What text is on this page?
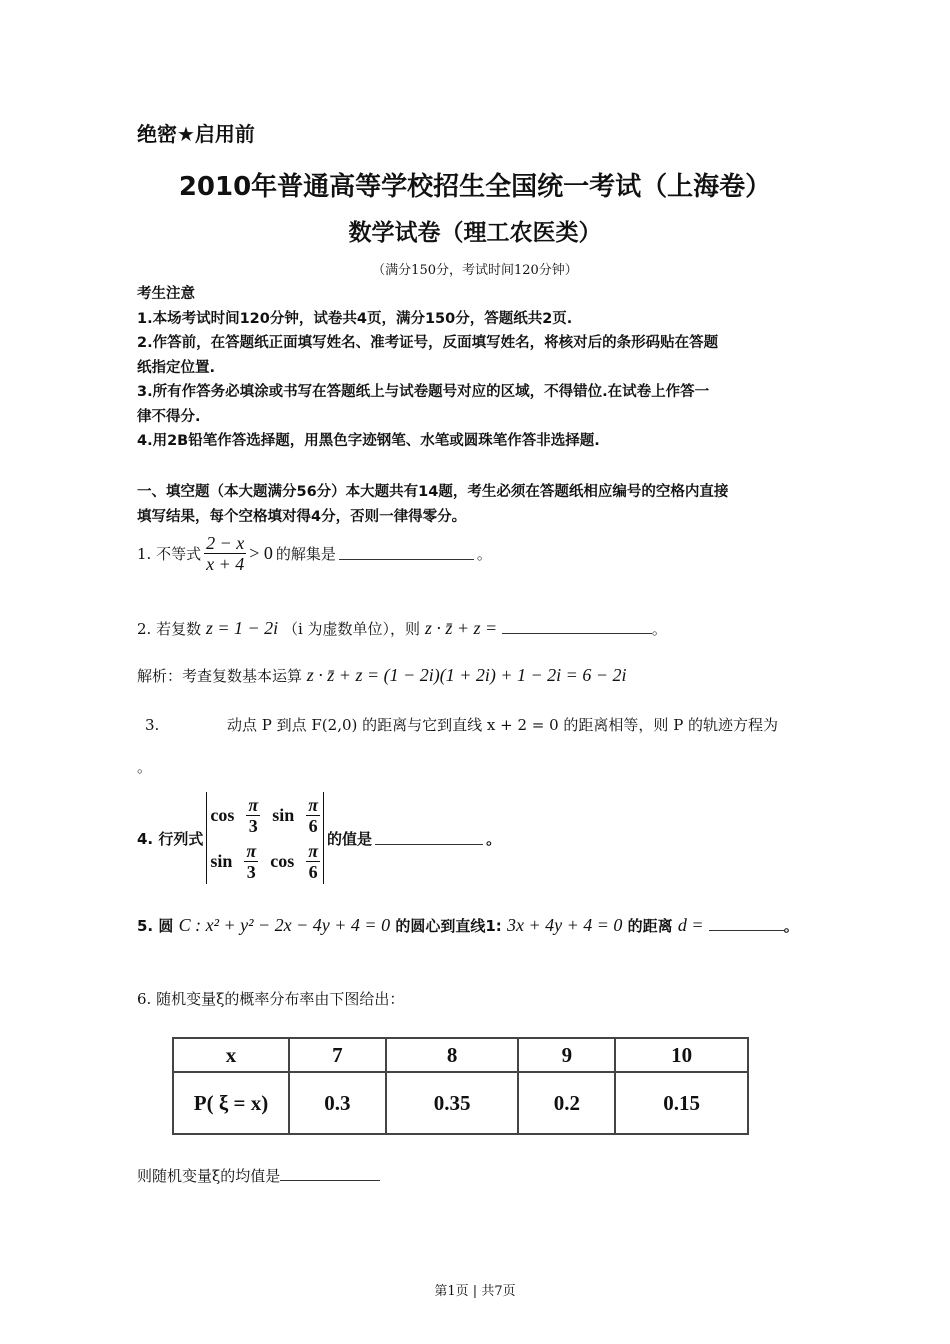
绝密★启用前
2010年普通高等学校招生全国统一考试（上海卷）
数学试卷（理工农医类）
（满分150分，考试时间120分钟）
考生注意
1.本场考试时间120分钟，试卷共4页，满分150分，答题纸共2页.
2.作答前，在答题纸正面填写姓名、准考证号，反面填写姓名，将核对后的条形码贴在答题
纸指定位置.
3.所有作答务必填涂或书写在答题纸上与试卷题号对应的区域，不得错位.在试卷上作答一
律不得分.
4.用2B铅笔作答选择题，用黑色字迹钢笔、水笔或圆珠笔作答非选择题.
一、填空题（本大题满分56分）本大题共有14题，考生必须在答题纸相应编号的空格内直接
填写结果，每个空格填对得4分，否则一律得零分。
1. 不等式 $\frac{2 - x}{x + 4} > 0$ 的解集是	。
2. 若复数 z = 1 − 2i （i 为虚数单位），则 z · z̄ + z =	。
解析：考查复数基本运算 z · z̄ + z = (1 − 2i)(1 + 2i) + 1 − 2i = 6 − 2i
3.	动点 P 到点 F(2,0) 的距离与它到直线 x + 2 = 0 的距离相等，则 P 的轨迹方程为
。
4. 行列式
$\cos \frac{\pi}{3}$ $\sin \frac{\pi}{6}$
$\sin \frac{\pi}{3}$ $\cos \frac{\pi}{6}$
的值是	。
5. 圆 C : x² + y² − 2x − 4y + 4 = 0 的圆心到直线1: 3x + 4y + 4 = 0 的距离 d =	。
6. 随机变量ξ的概率分布率由下图给出：
x	7	8	9	10
P( ξ = x)	0.3	0.35	0.2	0.15
则随机变量ξ的均值是
第1页 | 共7页
